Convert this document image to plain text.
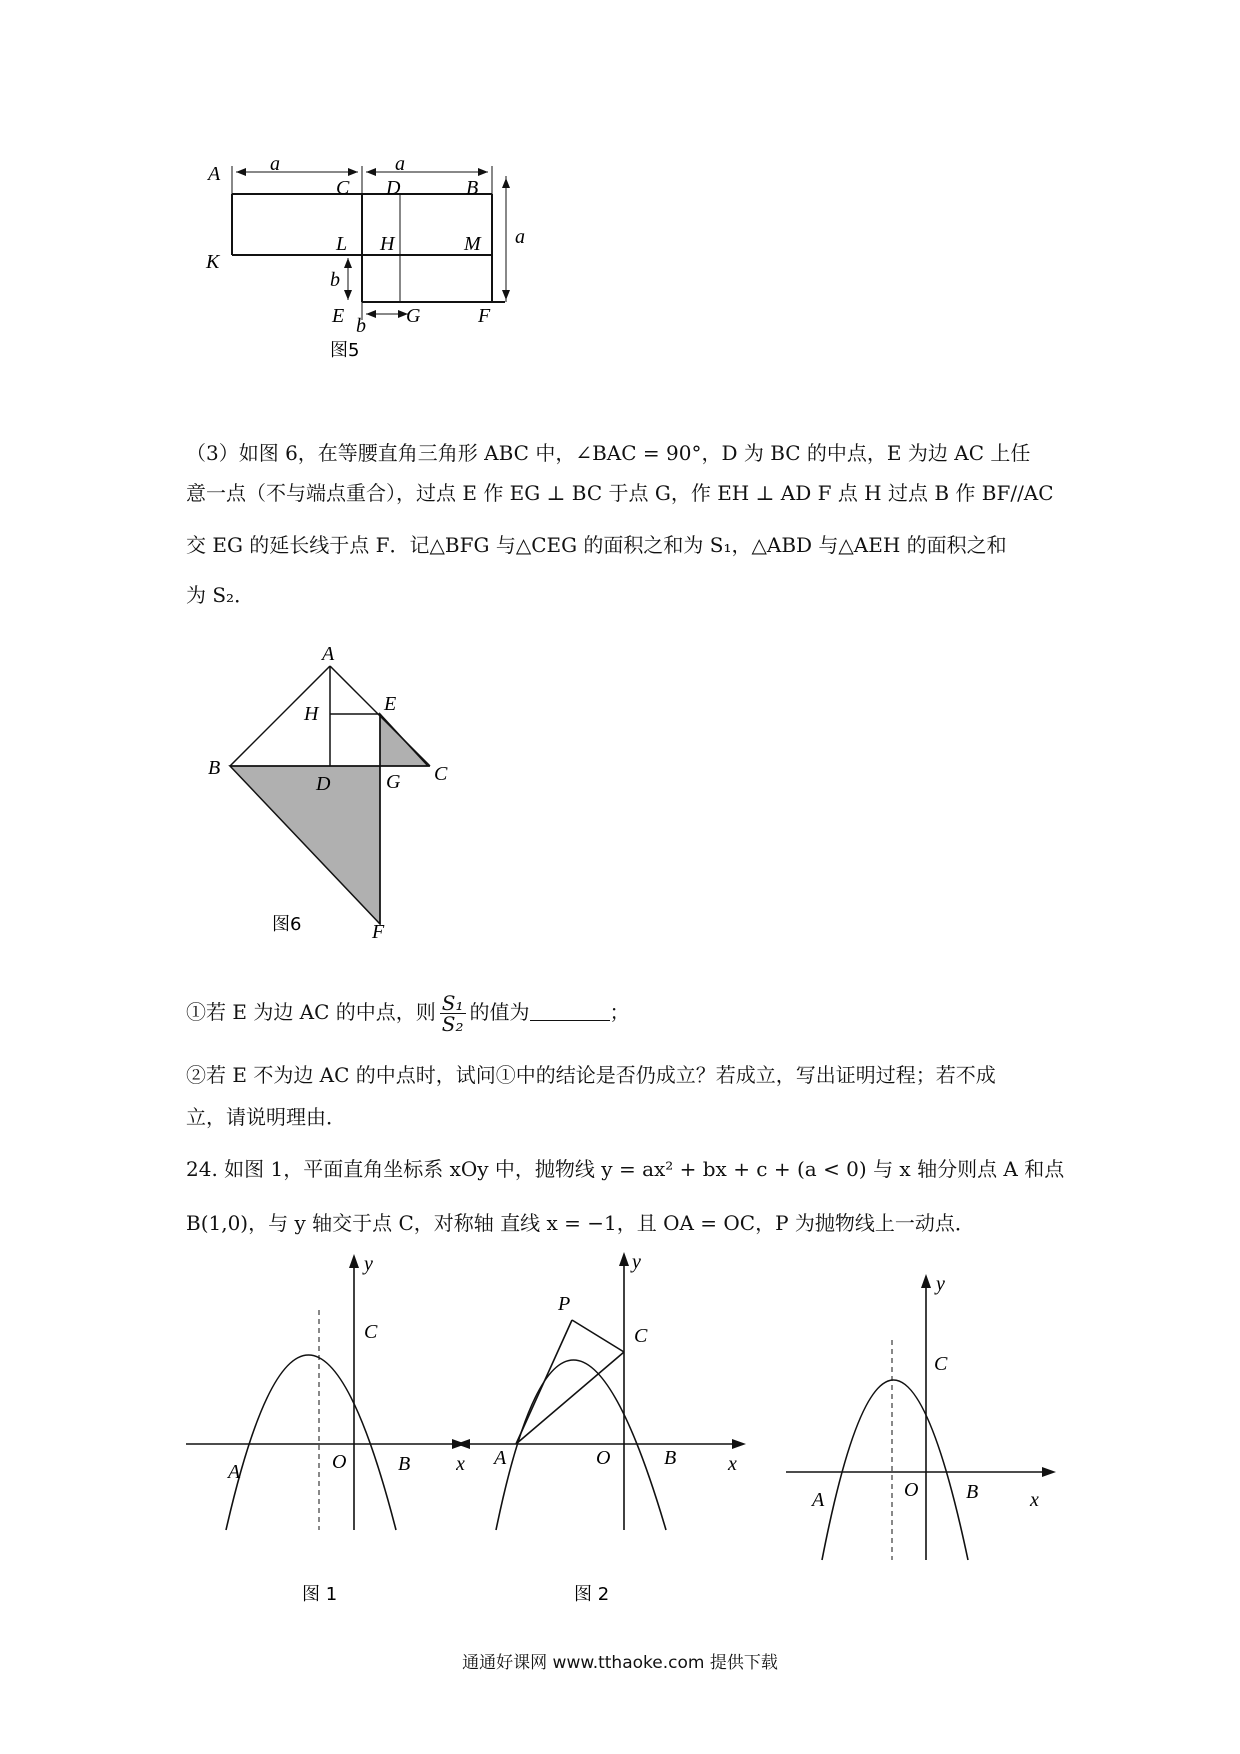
a	a
a
b
b
A
C D	B
K
L H	M
E	G	F
图5
（3）如图 6，在等腰直角三角形 ABC 中，∠BAC = 90°，D 为 BC 的中点，E 为边 AC 上任
意一点（不与端点重合），过点 E 作 EG ⊥ BC 于点 G，作 EH ⊥ AD F 点 H 过点 B 作 BF//AC
交 EG 的延长线于点 F．记△BFG 与△CEG 的面积之和为 S₁，△ABD 与△AEH 的面积之和
为 S₂．
A
B	C
D
E
G
H
F
图6
①若 E 为边 AC 的中点，则 $\frac{\text{S₁}}{\text{S₂}}$ 的值为	；
②若 E 不为边 AC 的中点时，试问①中的结论是否仍成立？若成立，写出证明过程；若不成
立，请说明理由．
24. 如图 1，平面直角坐标系 xOy 中，抛物线 y = ax² + bx + c + (a < 0) 与 x 轴分则点 A 和点
B(1,0)，与 y 轴交于点 C，对称轴 直线 x = −1，且 OA = OC，P 为抛物线上一动点．
y
C
A	O	B
图 1
y
P
C
A	O	B	x
x
图 2
y
C
A	O B	x
通通好课网 www.tthaoke.com 提供下载
